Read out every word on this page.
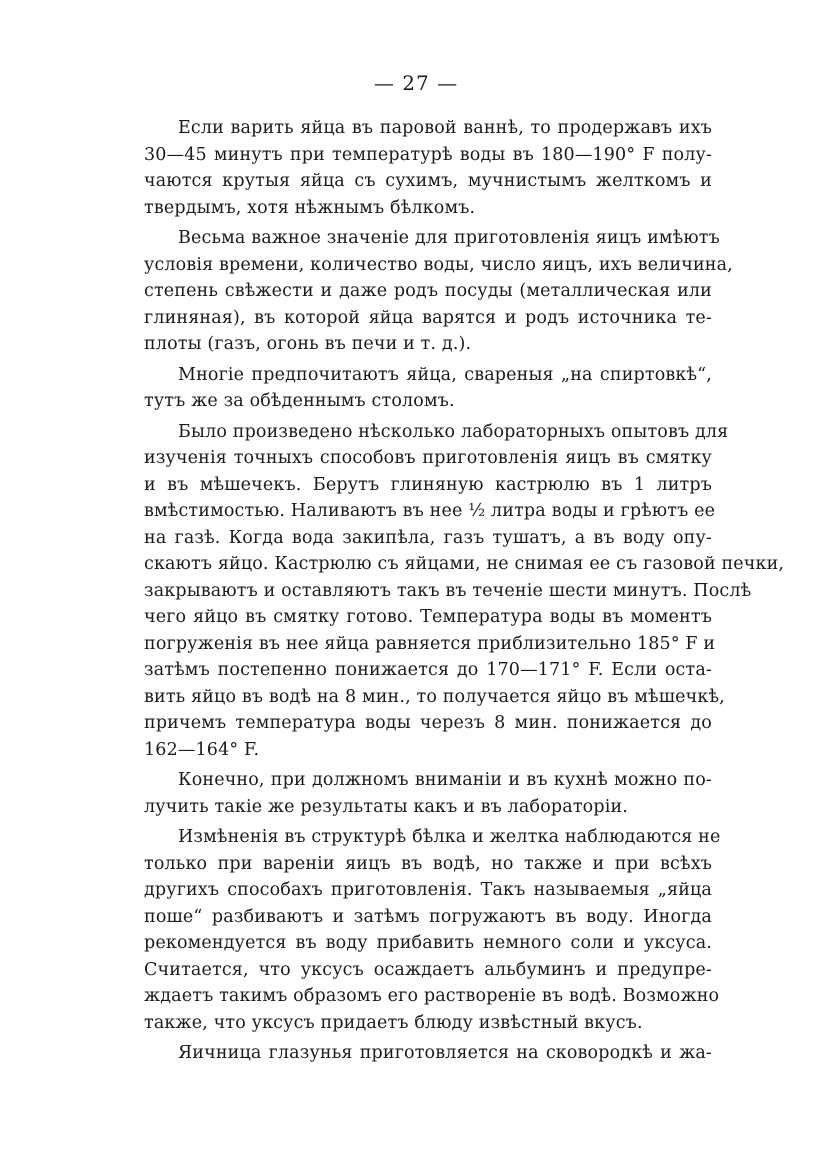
— 27 —
Если варить яйца въ паровой ваннѣ, то продержавъ ихъ
30—45 минутъ при температурѣ воды въ 180—190° F полу-
чаются крутыя яйца съ сухимъ, мучнистымъ желткомъ и
твердымъ, хотя нѣжнымъ бѣлкомъ.
Весьма важное значенiе для приготовленiя яицъ имѣютъ
условiя времени, количество воды, число яицъ, ихъ величина,
степень свѣжести и даже родъ посуды (металлическая или
глиняная), въ которой яйца варятся и родъ источника те-
плоты (газъ, огонь въ печи и т. д.).
Многiе предпочитаютъ яйца, свареныя „на спиртовкѣ“,
тутъ же за обѣденнымъ столомъ.
Было произведено нѣсколько лабораторныхъ опытовъ для
изученiя точныхъ способовъ приготовленiя яицъ въ смятку
и въ мѣшечекъ. Берутъ глиняную кастрюлю въ 1 литръ
вмѣстимостью. Наливаютъ въ нее ½ литра воды и грѣютъ ее
на газѣ. Когда вода закипѣла, газъ тушатъ, а въ воду опу-
скаютъ яйцо. Кастрюлю съ яйцами, не снимая ее съ газовой печки,
закрываютъ и оставляютъ такъ въ теченiе шести минутъ. Послѣ
чего яйцо въ смятку готово. Температура воды въ моментъ
погруженiя въ нее яйца равняется приблизительно 185° F и
затѣмъ постепенно понижается до 170—171° F. Если оста-
вить яйцо въ водѣ на 8 мин., то получается яйцо въ мѣшечкѣ,
причемъ температура воды черезъ 8 мин. понижается до
162—164° F.
Конечно, при должномъ вниманiи и въ кухнѣ можно по-
лучить такiе же результаты какъ и въ лабораторiи.
Измѣненiя въ структурѣ бѣлка и желтка наблюдаются не
только при варенiи яицъ въ водѣ, но также и при всѣхъ
другихъ способахъ приготовленiя. Такъ называемыя „яйца
поше“ разбиваютъ и затѣмъ погружаютъ въ воду. Иногда
рекомендуется въ воду прибавить немного соли и уксуса.
Считается, что уксусъ осаждаетъ альбуминъ и предупре-
ждаетъ такимъ образомъ его раствоpенiе въ водѣ. Возможно
также, что уксусъ придаетъ блюду извѣстный вкусъ.
Яичница глазунья приготовляется на сковородкѣ и жа-
